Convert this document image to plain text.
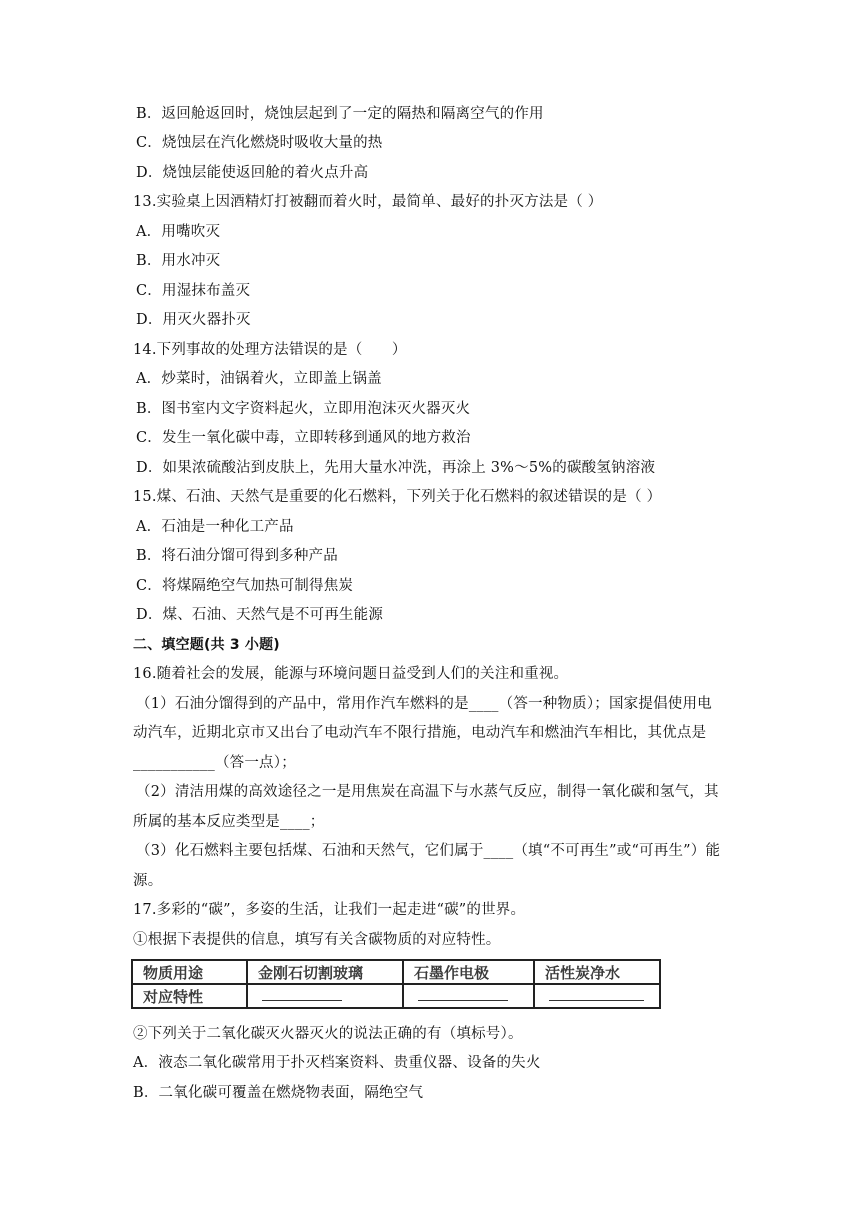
B．返回舱返回时，烧蚀层起到了一定的隔热和隔离空气的作用
C．烧蚀层在汽化燃烧时吸收大量的热
D．烧蚀层能使返回舱的着火点升高
13.实验桌上因酒精灯打被翻而着火时，最简单、最好的扑灭方法是（ ）
A．用嘴吹灭
B．用水冲灭
C．用湿抹布盖灭
D．用灭火器扑灭
14.下列事故的处理方法错误的是（　　）
A．炒菜时，油锅着火，立即盖上锅盖
B．图书室内文字资料起火，立即用泡沫灭火器灭火
C．发生一氧化碳中毒，立即转移到通风的地方救治
D．如果浓硫酸沾到皮肤上，先用大量水冲洗，再涂上 3%～5%的碳酸氢钠溶液
15.煤、石油、天然气是重要的化石燃料，下列关于化石燃料的叙述错误的是（ ）
A．石油是一种化工产品
B．将石油分馏可得到多种产品
C．将煤隔绝空气加热可制得焦炭
D．煤、石油、天然气是不可再生能源
二、填空题(共 3 小题)
16.随着社会的发展，能源与环境问题日益受到人们的关注和重视。
（1）石油分馏得到的产品中，常用作汽车燃料的是____（答一种物质）；国家提倡使用电
动汽车，近期北京市又出台了电动汽车不限行措施，电动汽车和燃油汽车相比，其优点是
___________（答一点）；
（2）清洁用煤的高效途径之一是用焦炭在高温下与水蒸气反应，制得一氧化碳和氢气，其
所属的基本反应类型是____；
（3）化石燃料主要包括煤、石油和天然气，它们属于____（填“不可再生”或“可再生”）能
源。
17.多彩的“碳”，多姿的生活，让我们一起走进“碳”的世界。
①根据下表提供的信息，填写有关含碳物质的对应特性。
物质用途	金刚石切割玻璃	石墨作电极	活性炭净水
对应特性			
②下列关于二氧化碳灭火器灭火的说法正确的有（填标号）。
A．液态二氧化碳常用于扑灭档案资料、贵重仪器、设备的失火
B．二氧化碳可覆盖在燃烧物表面，隔绝空气
